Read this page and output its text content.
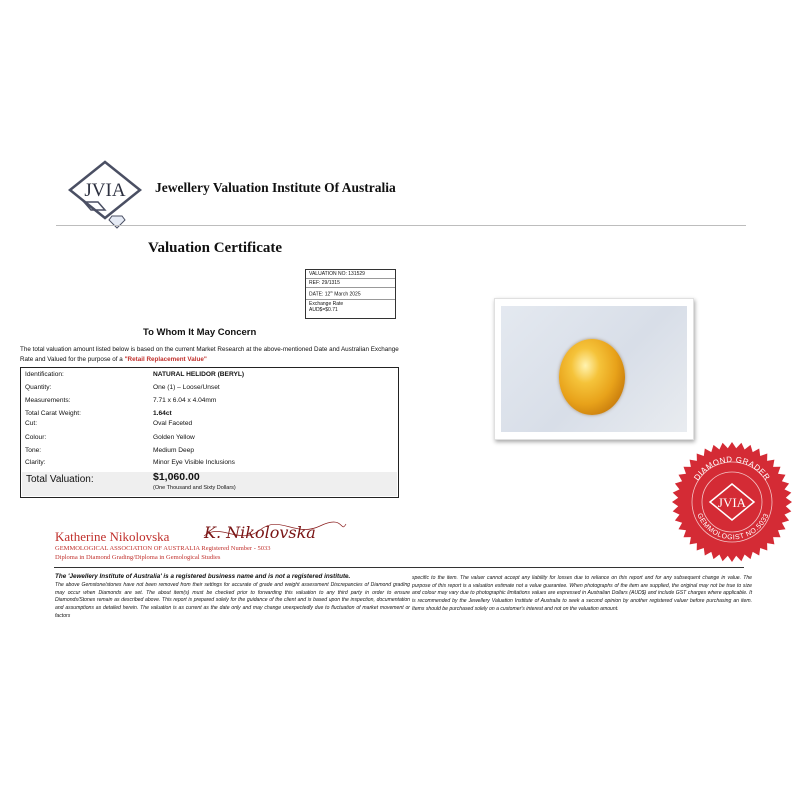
JVIA Jewellery Valuation Institute Of Australia
Valuation Certificate
VALUATION NO: 131529
REF: 29/1315
DATE: 12th March 2025
Exchange Rate
AUD$=$0.71
To Whom It May Concern
The total valuation amount listed below is based on the current Market Research at the above-mentioned Date and Australian Exchange Rate and Valued for the purpose of a "Retail Replacement Value"
Identification:	NATURAL HELIDOR (BERYL)
Quantity:	One (1) – Loose/Unset
Measurements:	7.71 x 6.04 x 4.04mm
Total Carat Weight:	1.64ct
Cut:	Oval Faceted
Colour:	Golden Yellow
Tone:	Medium Deep
Clarity:	Minor Eye Visible Inclusions
Total Valuation:	$1,060.00
(One Thousand and Sixty Dollars)
DIAMOND GRADER
GEMMOLOGIST NO.5033
JVIA
Katherine Nikolovska K. Nikolovska
GEMMOLOGICAL ASSOCIATION OF AUSTRALIA Registered Number - 5033
Diploma in Diamond Grading/Diploma in Gemological Studies
The 'Jewellery Institute of Australia' is a registered business name and is not a registered institute.
The above Gemstone/stones have not been removed from their settings for accurate of grade and weight assessment Discrepancies of Diamond grading may occur when Diamonds are set. The about item(s) must be checked prior to forwarding this valuation to any third party in order to ensure Diamonds/Stones remain as described above. This report is prepared solely for the guidance of the client and is based upon the inspection, documentation and assumptions as detailed herein. The valuation is as current as the date only and may change unexpectedly due to fluctuation of market movement or factors
specific to the item. The valuer cannot accept any liability for losses due to reliance on this report and for any subsequent change in value. The purpose of this report is a valuation estimate not a value guarantee. When photographs of the item are supplied, the original may not be true to size and colour may vary due to photographic limitations values are expressed in Australian Dollars (AUD$) and include GST charges where applicable. It is recommended by the Jewellery Valuation Institute of Australia to seek a second opinion by another registered valuer before purchasing an item. Items should be purchased solely on a customer's interest and not on the valuation amount.
